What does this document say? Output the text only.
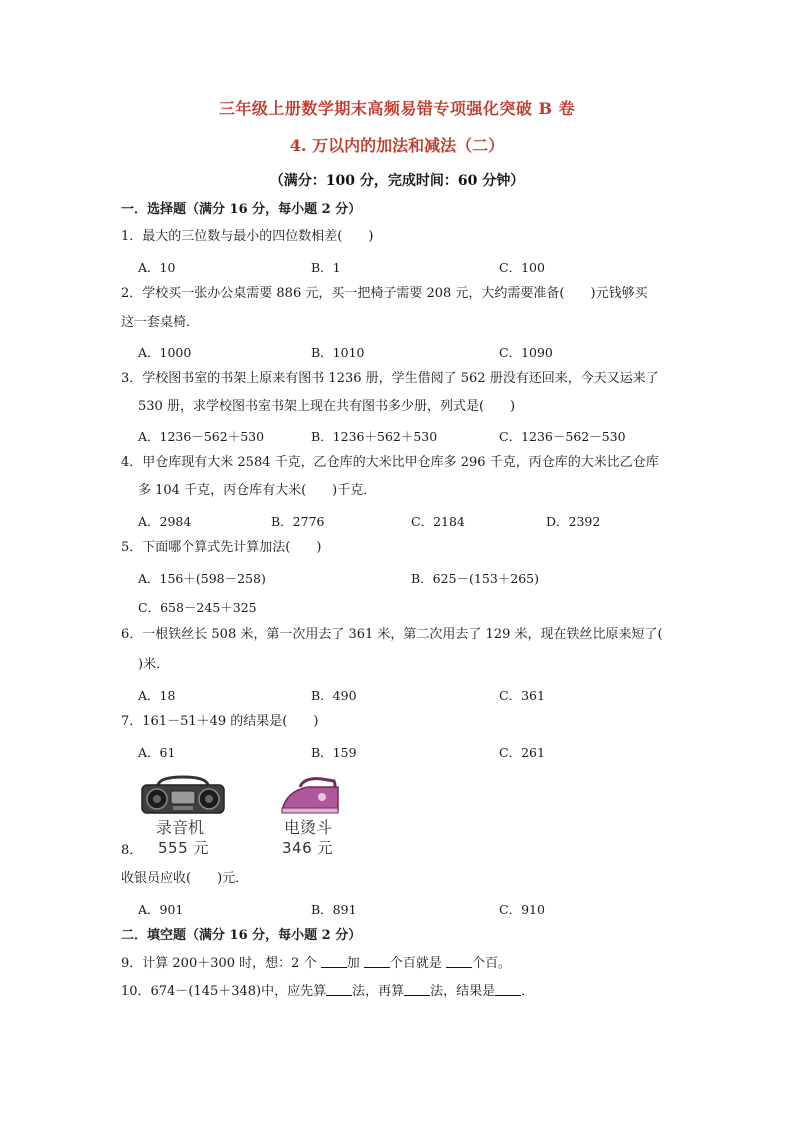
三年级上册数学期末高频易错专项强化突破 B 卷
4. 万以内的加法和减法（二）
（满分：100 分，完成时间：60 分钟）
一．选择题（满分 16 分，每小题 2 分）
1．最大的三位数与最小的四位数相差(　　)
A．10	B．1	C．100
2．学校买一张办公桌需要 886 元，买一把椅子需要 208 元，大约需要准备(　　)元钱够买
这一套桌椅．
A．1000	B．1010	C．1090
3．学校图书室的书架上原来有图书 1236 册，学生借阅了 562 册没有还回来，今天又运来了
530 册，求学校图书室书架上现在共有图书多少册，列式是(　　)
A．1236－562＋530	B．1236＋562＋530	C．1236－562－530
4．甲仓库现有大米 2584 千克，乙仓库的大米比甲仓库多 296 千克，丙仓库的大米比乙仓库
多 104 千克，丙仓库有大米(　　)千克．
A．2984	B．2776	C．2184	D．2392
5．下面哪个算式先计算加法(　　)
A．156＋(598－258)	B．625－(153＋265)
C．658－245＋325
6．一根铁丝长 508 米，第一次用去了 361 米，第二次用去了 129 米，现在铁丝比原来短了(
)米．
A．18	B．490	C．361
7．161－51＋49 的结果是(　　)
A．61	B．159	C．261
录音机
555 元
电烫斗
346 元
8．
收银员应收(　　)元．
A．901	B．891	C．910
二．填空题（满分 16 分，每小题 2 分）
9．计算 200＋300 时，想：2 个 加 个百就是 个百。
10．674－(145＋348)中，应先算 法，再算 法，结果是 ．
